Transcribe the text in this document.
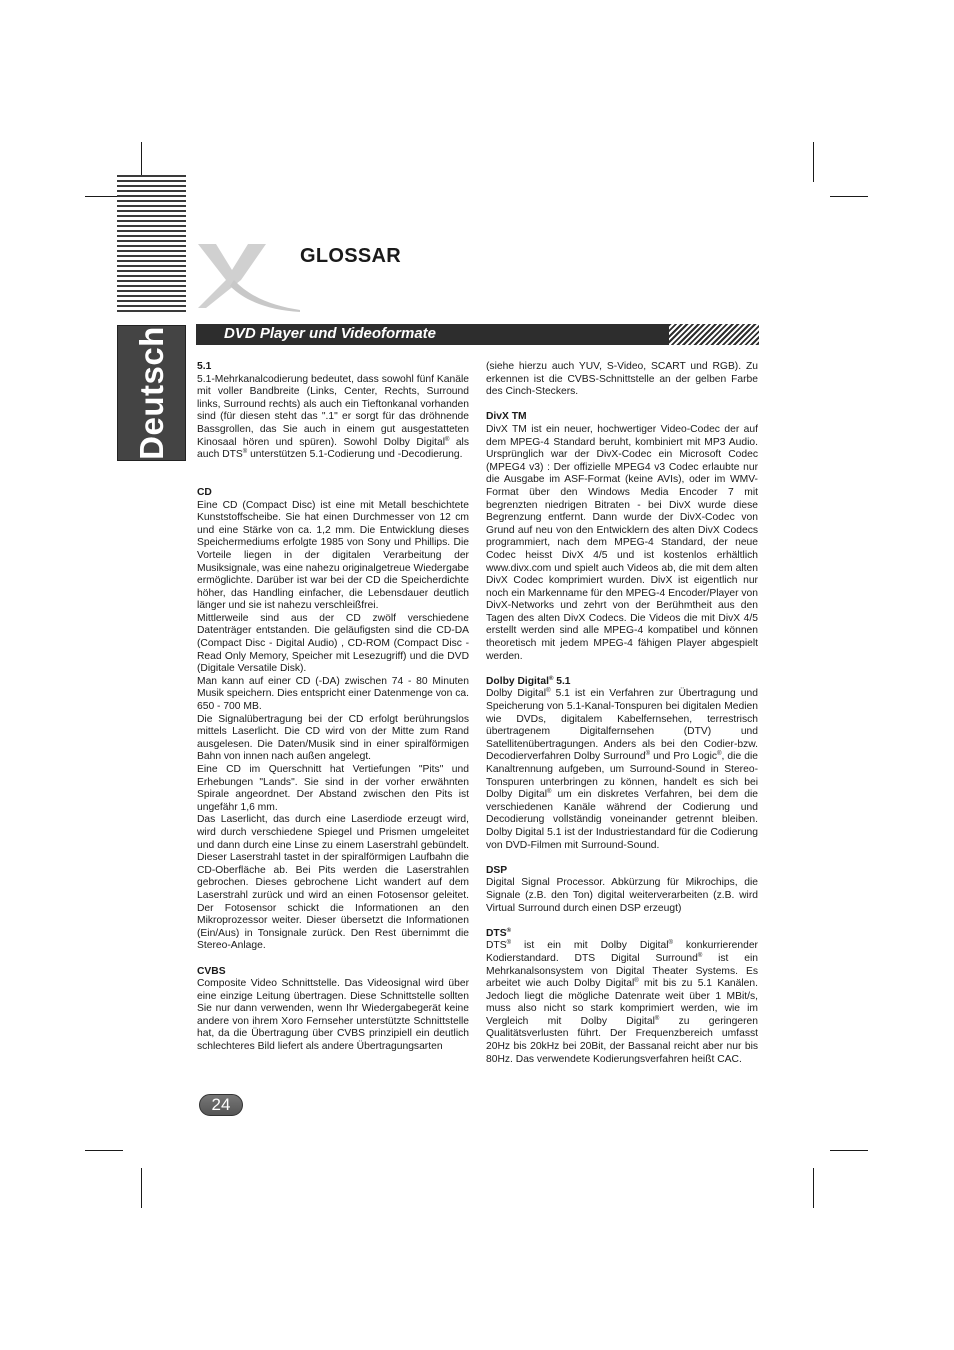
Deutsch
GLOSSAR
DVD Player und Videoformate
5.1

5.1-Mehrkanalcodierung bedeutet, dass sowohl fünf Kanäle mit voller Bandbreite (Links, Center, Rechts, Surround links, Surround rechts) als auch ein Tieftonkanal vorhanden sind (für diesen steht das ".1" er sorgt für das dröhnende Bassgrollen, das Sie auch in einem gut ausgestatteten Kinosaal hören und spüren). Sowohl Dolby Digital® als auch DTS® unterstützen 5.1-Codierung und -Decodierung.

CD

Eine CD (Compact Disc) ist eine mit Metall beschichtete Kunststoffscheibe. Sie hat einen Durchmesser von 12 cm und eine Stärke von ca. 1,2 mm. Die Entwicklung dieses Speichermediums erfolgte 1985 von Sony und Phillips. Die Vorteile liegen in der digitalen Verarbeitung der Musiksignale, was eine nahezu originalgetreue Wiedergabe ermöglichte. Darüber ist war bei der CD die Speicherdichte höher, das Handling einfacher, die Lebensdauer deutlich länger und sie ist nahezu verschleißfrei.

Mittlerweile sind aus der CD zwölf verschiedene Datenträger entstanden. Die geläufigsten sind die CD-DA (Compact Disc - Digital Audio) , CD-ROM (Compact Disc - Read Only Memory, Speicher mit Lesezugriff) und die DVD (Digitale Versatile Disk).

Man kann auf einer CD (-DA) zwischen 74 - 80 Minuten Musik speichern. Dies entspricht einer Datenmenge von ca. 650 - 700 MB.

Die Signalübertragung bei der CD erfolgt berührungslos mittels Laserlicht. Die CD wird von der Mitte zum Rand ausgelesen. Die Daten/Musik sind in einer spiralförmigen Bahn von innen nach außen angelegt.

Eine CD im Querschnitt hat Vertiefungen "Pits" und Erhebungen "Lands". Sie sind in der vorher erwähnten Spirale angeordnet. Der Abstand zwischen den Pits ist ungefähr 1,6 mm.

Das Laserlicht, das durch eine Laserdiode erzeugt wird, wird durch verschiedene Spiegel und Prismen umgeleitet und dann durch eine Linse zu einem Laserstrahl gebündelt. Dieser Laserstrahl tastet in der spiralförmigen Laufbahn die CD-Oberfläche ab. Bei Pits werden die Laserstrahlen gebrochen. Dieses gebrochene Licht wandert auf dem Laserstrahl zurück und wird an einen Fotosensor geleitet. Der Fotosensor schickt die Informationen an den Mikroprozessor weiter. Dieser übersetzt die Informationen (Ein/Aus) in Tonsignale zurück. Den Rest übernimmt die Stereo-Anlage.

CVBS

Composite Video Schnittstelle. Das Videosignal wird über eine einzige Leitung übertragen. Diese Schnittstelle sollten Sie nur dann verwenden, wenn Ihr Wiedergabegerät keine andere von ihrem Xoro Fernseher unterstützte Schnittstelle hat, da die Übertragung über CVBS prinzipiell ein deutlich schlechteres Bild liefert als andere Übertragungsarten

(siehe hierzu auch YUV, S-Video, SCART und RGB). Zu erkennen ist die CVBS-Schnittstelle an der gelben Farbe des Cinch-Steckers.

DivX TM

DivX TM ist ein neuer, hochwertiger Video-Codec der auf dem MPEG-4 Standard beruht, kombiniert mit MP3 Audio. Ursprünglich war der DivX-Codec ein Microsoft Codec (MPEG4 v3) : Der offizielle MPEG4 v3 Codec erlaubte nur die Ausgabe im ASF-Format (keine AVIs), oder im WMV-Format über den Windows Media Encoder 7 mit begrenzten niedrigen Bitraten - bei DivX wurde diese Begrenzung entfernt. Dann wurde der DivX-Codec von Grund auf neu von den Entwicklern des alten DivX Codecs programmiert, nach dem MPEG-4 Standard, der neue Codec heisst DivX 4/5 und ist kostenlos erhältlich www.divx.com und spielt auch Videos ab, die mit dem alten DivX Codec komprimiert wurden. DivX ist eigentlich nur noch ein Markenname für den MPEG-4 Encoder/Player von DivX-Networks und zehrt von der Berühmtheit aus den Tagen des alten DivX Codecs. Die Videos die mit DivX 4/5 erstellt werden sind alle MPEG-4 kompatibel und können theoretisch mit jedem MPEG-4 fähigen Player abgespielt werden.

Dolby Digital® 5.1

Dolby Digital® 5.1 ist ein Verfahren zur Übertragung und Speicherung von 5.1-Kanal-Tonspuren bei digitalen Medien wie DVDs, digitalem Kabelfernsehen, terrestrisch übertragenem Digitalfernsehen (DTV) und Satellitenübertragungen. Anders als bei den Codier-bzw. Decodierverfahren Dolby Surround® und Pro Logic®, die die Kanaltrennung aufgeben, um Surround-Sound in Stereo-Tonspuren unterbringen zu können, handelt es sich bei Dolby Digital® um ein diskretes Verfahren, bei dem die verschiedenen Kanäle während der Codierung und Decodierung vollständig voneinander getrennt bleiben. Dolby Digital 5.1 ist der Industriestandard für die Codierung von DVD-Filmen mit Surround-Sound.

DSP

Digital Signal Processor. Abkürzung für Mikrochips, die Signale (z.B. den Ton) digital weiterverarbeiten (z.B. wird Virtual Surround durch einen DSP erzeugt)

DTS®

DTS® ist ein mit Dolby Digital® konkurrierender Kodierstandard. DTS Digital Surround® ist ein Mehrkanalsonsystem von Digital Theater Systems. Es arbeitet wie auch Dolby Digital® mit bis zu 5.1 Kanälen. Jedoch liegt die mögliche Datenrate weit über 1 MBit/s, muss also nicht so stark komprimiert werden, wie im Vergleich mit Dolby Digital® zu geringeren Qualitätsverlusten führt. Der Frequenzbereich umfasst 20Hz bis 20kHz bei 20Bit, der Bassanal reicht aber nur bis 80Hz. Das verwendete Kodierungsverfahren heißt CAC.

24
